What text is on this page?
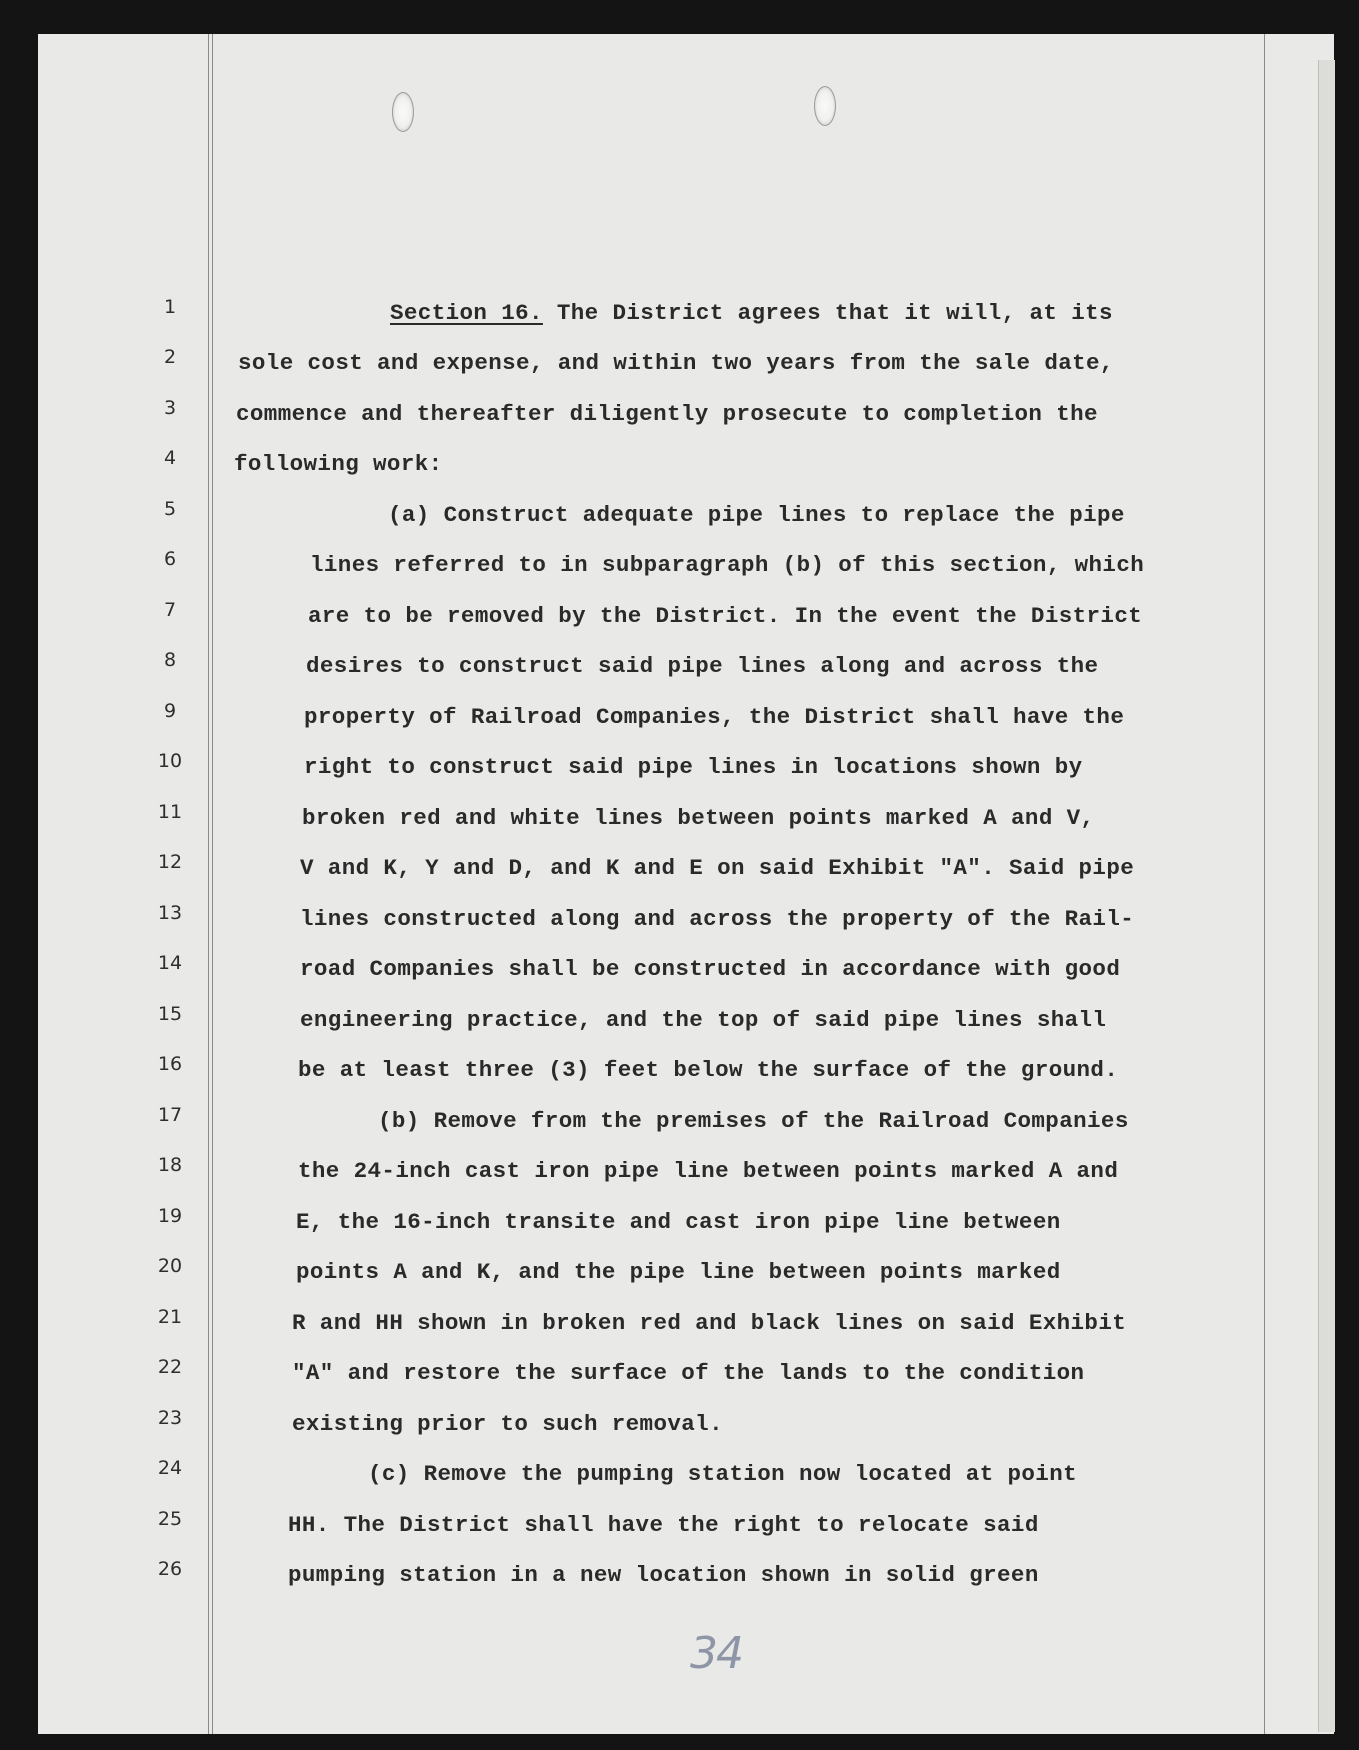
1
2
3
4
5
6
7
8
9
10
11
12
13
14
15
16
17
18
19
20
21
22
23
24
25
26
Section 16. The District agrees that it will, at its
sole cost and expense, and within two years from the sale date,
commence and thereafter diligently prosecute to completion the
following work:
(a) Construct adequate pipe lines to replace the pipe
lines referred to in subparagraph (b) of this section, which
are to be removed by the District. In the event the District
desires to construct said pipe lines along and across the
property of Railroad Companies, the District shall have the
right to construct said pipe lines in locations shown by
broken red and white lines between points marked A and V,
V and K, Y and D, and K and E on said Exhibit "A". Said pipe
lines constructed along and across the property of the Rail-
road Companies shall be constructed in accordance with good
engineering practice, and the top of said pipe lines shall
be at least three (3) feet below the surface of the ground.
(b) Remove from the premises of the Railroad Companies
the 24-inch cast iron pipe line between points marked A and
E, the 16-inch transite and cast iron pipe line between
points A and K, and the pipe line between points marked
R and HH shown in broken red and black lines on said Exhibit
"A" and restore the surface of the lands to the condition
existing prior to such removal.
(c) Remove the pumping station now located at point
HH. The District shall have the right to relocate said
pumping station in a new location shown in solid green
34
